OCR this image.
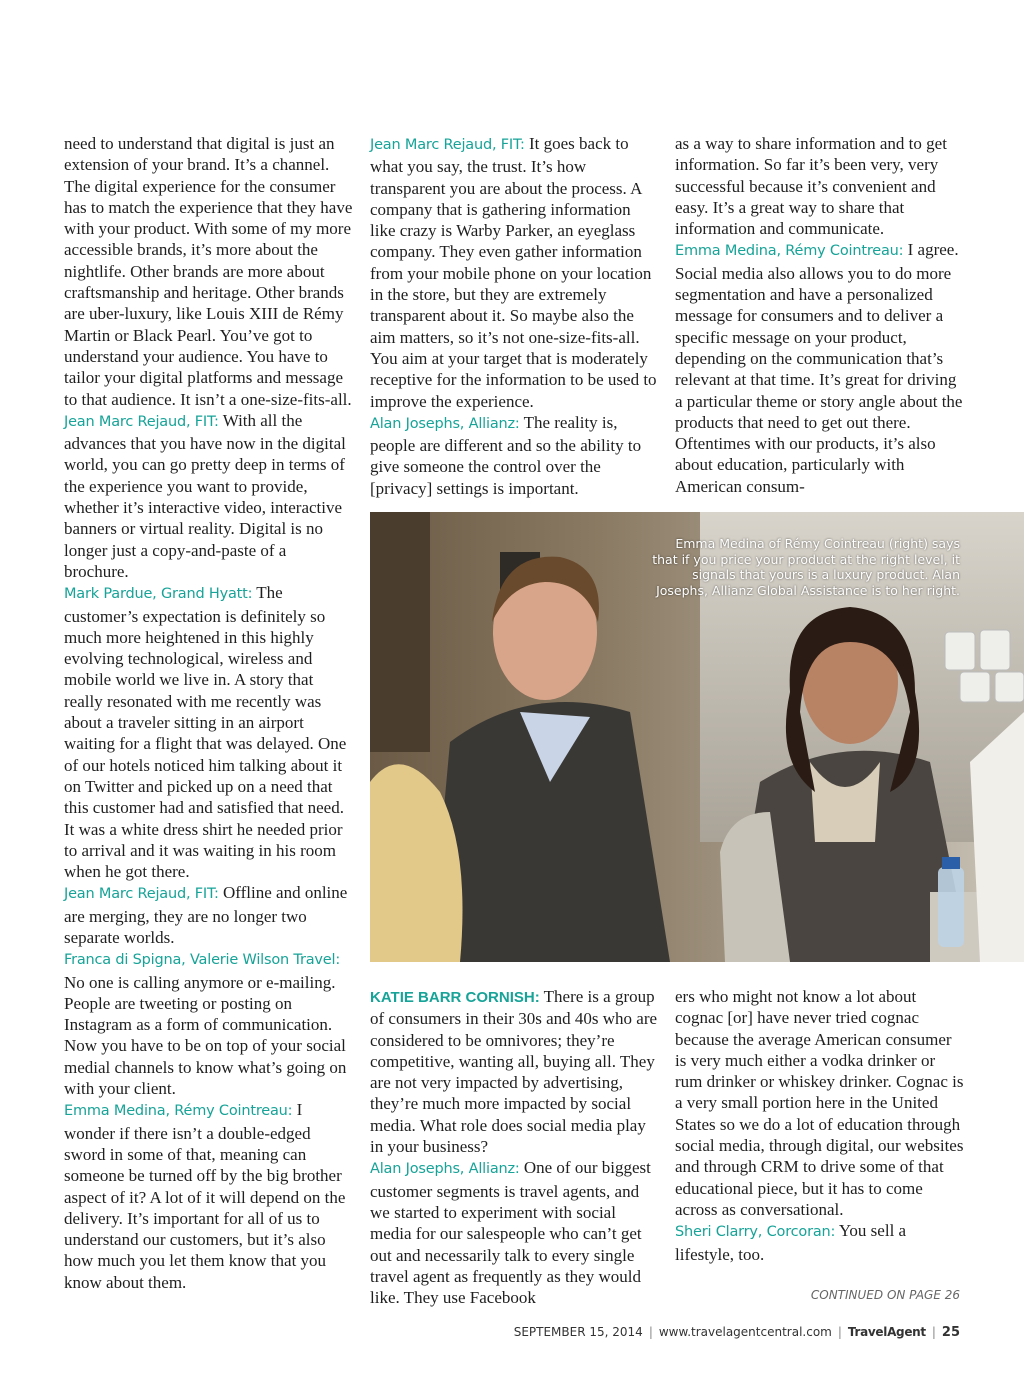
need to understand that digital is just an extension of your brand. It’s a channel. The digital experience for the consumer has to match the experience that they have with your product. With some of my more accessible brands, it’s more about the nightlife. Other brands are more about craftsmanship and heritage. Other brands are uber-luxury, like Louis XIII de Rémy Martin or Black Pearl. You’ve got to understand your audience. You have to tailor your digital platforms and message to that audience. It isn’t a one-size-fits-all.

Jean Marc Rejaud, FIT: With all the advances that you have now in the digital world, you can go pretty deep in terms of the experience you want to provide, whether it’s interactive video, interactive banners or virtual reality. Digital is no longer just a copy-and-paste of a brochure.

Mark Pardue, Grand Hyatt: The customer’s expectation is definitely so much more heightened in this highly evolving technological, wireless and mobile world we live in. A story that really resonated with me recently was about a traveler sitting in an airport waiting for a flight that was delayed. One of our hotels noticed him talking about it on Twitter and picked up on a need that this customer had and satisfied that need. It was a white dress shirt he needed prior to arrival and it was waiting in his room when he got there.

Jean Marc Rejaud, FIT: Offline and online are merging, they are no longer two separate worlds.

Franca di Spigna, Valerie Wilson Travel: No one is calling anymore or e-mailing. People are tweeting or posting on Instagram as a form of communication. Now you have to be on top of your social medial channels to know what’s going on with your client.

Emma Medina, Rémy Cointreau: I wonder if there isn’t a double-edged sword in some of that, meaning can someone be turned off by the big brother aspect of it? A lot of it will depend on the delivery. It’s important for all of us to understand our customers, but it’s also how much you let them know that you know about them.

Jean Marc Rejaud, FIT: It goes back to what you say, the trust. It’s how transparent you are about the process. A company that is gathering information like crazy is Warby Parker, an eyeglass company. They even gather information from your mobile phone on your location in the store, but they are extremely transparent about it. So maybe also the aim matters, so it’s not one-size-fits-all. You aim at your target that is moderately receptive for the information to be used to improve the experience.

Alan Josephs, Allianz: The reality is, people are different and so the ability to give someone the control over the [privacy] settings is important.

as a way to share information and to get information. So far it’s been very, very successful because it’s convenient and easy. It’s a great way to share that information and communicate.

Emma Medina, Rémy Cointreau: I agree. Social media also allows you to do more segmentation and have a personalized message for consumers and to deliver a specific message on your product, depending on the communication that’s relevant at that time. It’s great for driving a particular theme or story angle about the products that need to get out there. Oftentimes with our products, it’s also about education, particularly with American consum-

Emma Medina of Rémy Cointreau (right) says that if you price your product at the right level, it signals that yours is a luxury product. Alan Josephs, Allianz Global Assistance is to her right.

KATIE BARR CORNISH: There is a group of consumers in their 30s and 40s who are considered to be omnivores; they’re competitive, wanting all, buying all. They are not very impacted by advertising, they’re much more impacted by social media. What role does social media play in your business?

Alan Josephs, Allianz: One of our biggest customer segments is travel agents, and we started to experiment with social media for our salespeople who can’t get out and necessarily talk to every single travel agent as frequently as they would like. They use Facebook

ers who might not know a lot about cognac [or] have never tried cognac because the average American consumer is very much either a vodka drinker or rum drinker or whiskey drinker. Cognac is a very small portion here in the United States so we do a lot of education through social media, through digital, our websites and through CRM to drive some of that educational piece, but it has to come across as conversational.

Sheri Clarry, Corcoran: You sell a lifestyle, too.

CONTINUED ON PAGE 26
SEPTEMBER 15, 2014 | www.travelagentcentral.com | TravelAgent | 25
